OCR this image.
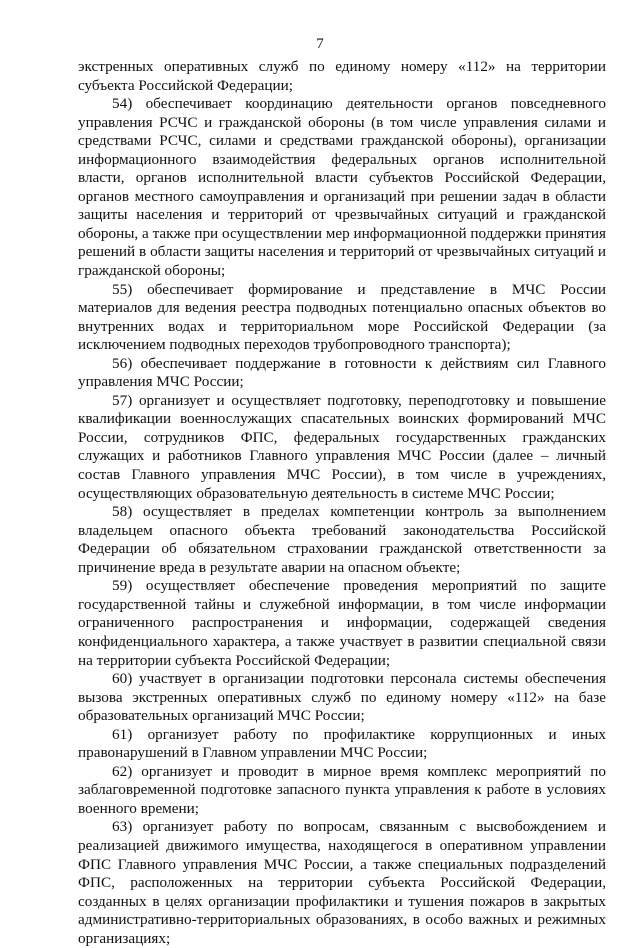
7

экстренных оперативных служб по единому номеру «112» на территории субъекта Российской Федерации;

54) обеспечивает координацию деятельности органов повседневного управления РСЧС и гражданской обороны (в том числе управления силами и средствами РСЧС, силами и средствами гражданской обороны), организации информационного взаимодействия федеральных органов исполнительной власти, органов исполнительной власти субъектов Российской Федерации, органов местного самоуправления и организаций при решении задач в области защиты населения и территорий от чрезвычайных ситуаций и гражданской обороны, а также при осуществлении мер информационной поддержки принятия решений в области защиты населения и территорий от чрезвычайных ситуаций и гражданской обороны;

55) обеспечивает формирование и представление в МЧС России материалов для ведения реестра подводных потенциально опасных объектов во внутренних водах и территориальном море Российской Федерации (за исключением подводных переходов трубопроводного транспорта);

56) обеспечивает поддержание в готовности к действиям сил Главного управления МЧС России;

57) организует и осуществляет подготовку, переподготовку и повышение квалификации военнослужащих спасательных воинских формирований МЧС России, сотрудников ФПС, федеральных государственных гражданских служащих и работников Главного управления МЧС России (далее – личный состав Главного управления МЧС России), в том числе в учреждениях, осуществляющих образовательную деятельность в системе МЧС России;

58) осуществляет в пределах компетенции контроль за выполнением владельцем опасного объекта требований законодательства Российской Федерации об обязательном страховании гражданской ответственности за причинение вреда в результате аварии на опасном объекте;

59) осуществляет обеспечение проведения мероприятий по защите государственной тайны и служебной информации, в том числе информации ограниченного распространения и информации, содержащей сведения конфиденциального характера, а также участвует в развитии специальной связи на территории субъекта Российской Федерации;

60) участвует в организации подготовки персонала системы обеспечения вызова экстренных оперативных служб по единому номеру «112» на базе образовательных организаций МЧС России;

61) организует работу по профилактике коррупционных и иных правонарушений в Главном управлении МЧС России;

62) организует и проводит в мирное время комплекс мероприятий по заблаговременной подготовке запасного пункта управления к работе в условиях военного времени;

63) организует работу по вопросам, связанным с высвобождением и реализацией движимого имущества, находящегося в оперативном управлении ФПС Главного управления МЧС России, а также специальных подразделений ФПС, расположенных на территории субъекта Российской Федерации, созданных в целях организации профилактики и тушения пожаров в закрытых административно-территориальных образованиях, в особо важных и режимных организациях;
